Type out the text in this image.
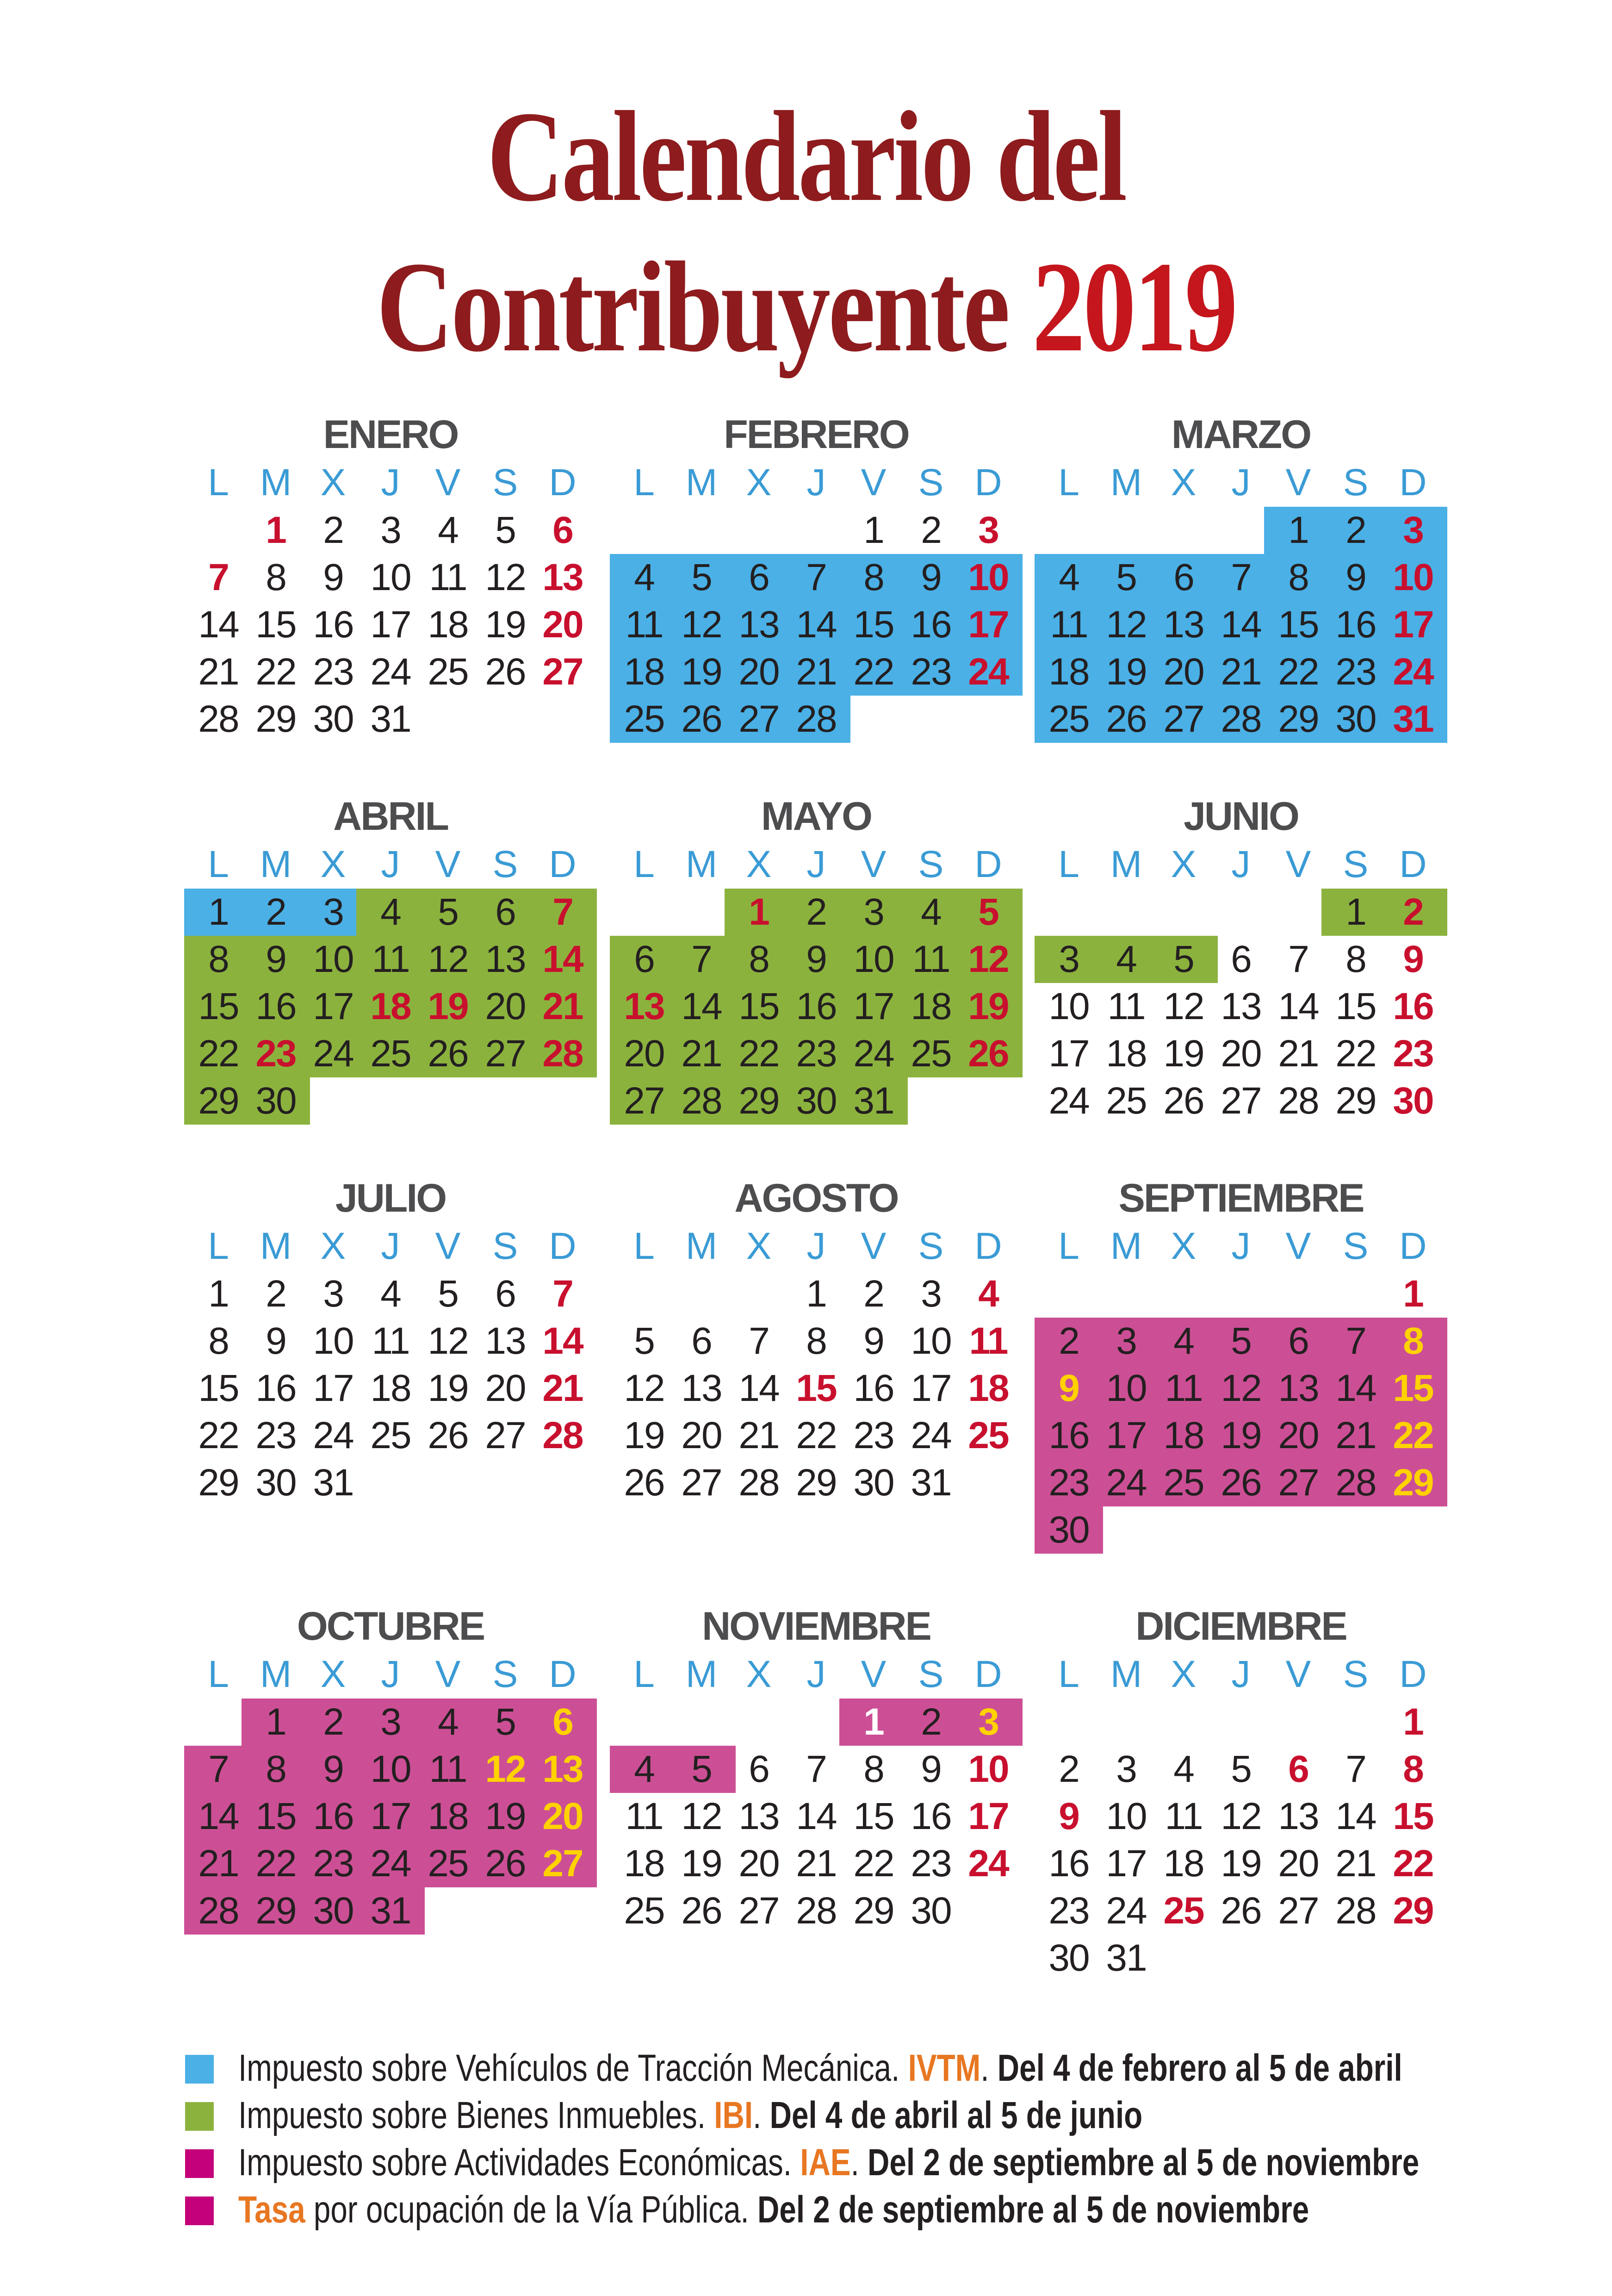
Calendario del
Contribuyente 2019
ENERO
L M X J V S D
1 2 3 4 5 6
7 8 9 10 11 12 13
14 15 16 17 18 19 20
21 22 23 24 25 26 27
28 29 30 31
FEBRERO
L M X J V S D
1 2 3
4 5 6 7 8 9 10
11 12 13 14 15 16 17
18 19 20 21 22 23 24
25 26 27 28
MARZO
L M X J V S D
1 2 3
4 5 6 7 8 9 10
11 12 13 14 15 16 17
18 19 20 21 22 23 24
25 26 27 28 29 30 31
ABRIL
L M X J V S D
1 2 3 4 5 6 7
8 9 10 11 12 13 14
15 16 17 18 19 20 21
22 23 24 25 26 27 28
29 30
MAYO
L M X J V S D
1 2 3 4 5
6 7 8 9 10 11 12
13 14 15 16 17 18 19
20 21 22 23 24 25 26
27 28 29 30 31
JUNIO
L M X J V S D
1 2
3 4 5 6 7 8 9
10 11 12 13 14 15 16
17 18 19 20 21 22 23
24 25 26 27 28 29 30
JULIO
L M X J V S D
1 2 3 4 5 6 7
8 9 10 11 12 13 14
15 16 17 18 19 20 21
22 23 24 25 26 27 28
29 30 31
AGOSTO
L M X J V S D
1 2 3 4
5 6 7 8 9 10 11
12 13 14 15 16 17 18
19 20 21 22 23 24 25
26 27 28 29 30 31
SEPTIEMBRE
L M X J V S D
1
2 3 4 5 6 7 8
9 10 11 12 13 14 15
16 17 18 19 20 21 22
23 24 25 26 27 28 29
30
OCTUBRE
L M X J V S D
1 2 3 4 5 6
7 8 9 10 11 12 13
14 15 16 17 18 19 20
21 22 23 24 25 26 27
28 29 30 31
NOVIEMBRE
L M X J V S D
1 2 3
4 5 6 7 8 9 10
11 12 13 14 15 16 17
18 19 20 21 22 23 24
25 26 27 28 29 30
DICIEMBRE
L M X J V S D
1
2 3 4 5 6 7 8
9 10 11 12 13 14 15
16 17 18 19 20 21 22
23 24 25 26 27 28 29
30 31
Impuesto sobre Vehículos de Tracción Mecánica. IVTM. Del 4 de febrero al 5 de abril
Impuesto sobre Bienes Inmuebles. IBI. Del 4 de abril al 5 de junio
Impuesto sobre Actividades Económicas. IAE. Del 2 de septiembre al 5 de noviembre
Tasa por ocupación de la Vía Pública. Del 2 de septiembre al 5 de noviembre
